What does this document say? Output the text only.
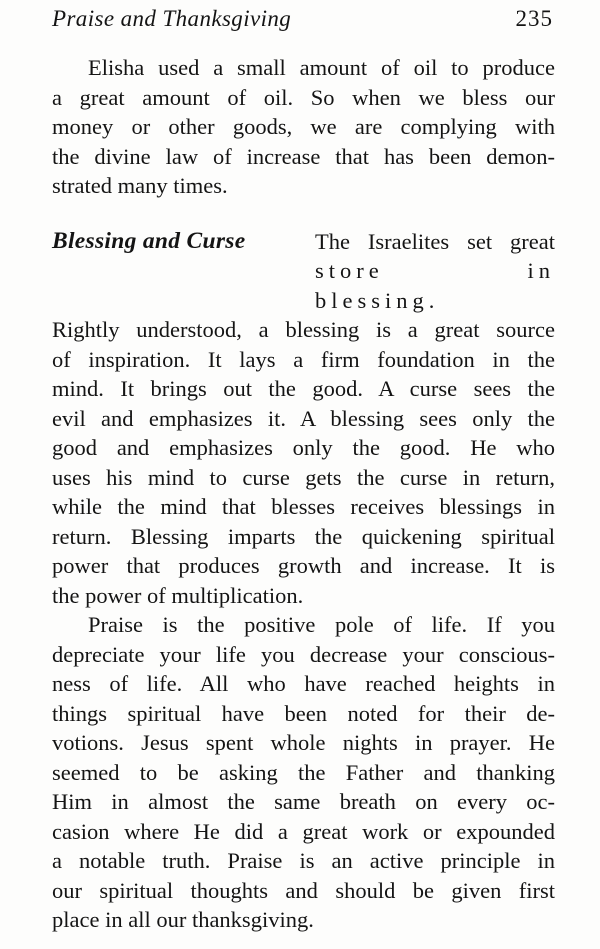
Praise and Thanksgiving	235
Elisha used a small amount of oil to produce
a great amount of oil. So when we bless our
money or other goods, we are complying with
the divine law of increase that has been demon-
strated many times.
Blessing and Curse	The Israelites set great
store in blessing.
Rightly understood, a blessing is a great source
of inspiration. It lays a firm foundation in the
mind. It brings out the good. A curse sees the
evil and emphasizes it. A blessing sees only the
good and emphasizes only the good. He who
uses his mind to curse gets the curse in return,
while the mind that blesses receives blessings in
return. Blessing imparts the quickening spiritual
power that produces growth and increase. It is
the power of multiplication.
Praise is the positive pole of life. If you
depreciate your life you decrease your conscious-
ness of life. All who have reached heights in
things spiritual have been noted for their de-
votions. Jesus spent whole nights in prayer. He
seemed to be asking the Father and thanking
Him in almost the same breath on every oc-
casion where He did a great work or expounded
a notable truth. Praise is an active principle in
our spiritual thoughts and should be given first
place in all our thanksgiving.
